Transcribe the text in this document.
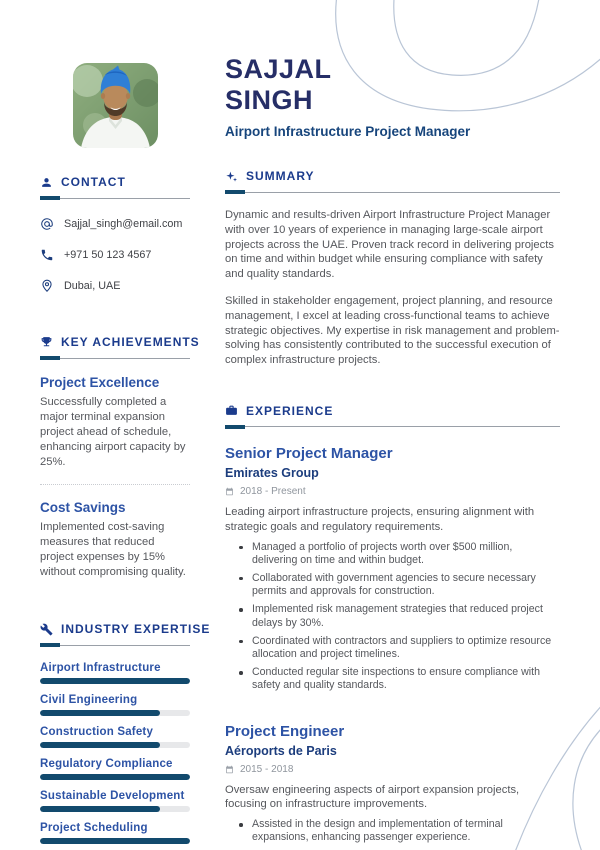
CONTACT
Sajjal_singh@email.com
+971 50 123 4567
Dubai, UAE
KEY ACHIEVEMENTS
Project Excellence

Successfully completed a major terminal expansion project ahead of schedule, enhancing airport capacity by 25%.

Cost Savings

Implemented cost-saving measures that reduced project expenses by 15% without compromising quality.

INDUSTRY EXPERTISE
Airport Infrastructure
Civil Engineering
Construction Safety
Regulatory Compliance
Sustainable Development
Project Scheduling
SAJJAL
SINGH
Airport Infrastructure Project Manager
SUMMARY

Dynamic and results-driven Airport Infrastructure Project Manager with over 10 years of experience in managing large-scale airport projects across the UAE. Proven track record in delivering projects on time and within budget while ensuring compliance with safety and quality standards.

Skilled in stakeholder engagement, project planning, and resource management, I excel at leading cross-functional teams to achieve strategic objectives. My expertise in risk management and problem-solving has consistently contributed to the successful execution of complex infrastructure projects.

EXPERIENCE
Senior Project Manager
Emirates Group
2018 - Present

Leading airport infrastructure projects, ensuring alignment with strategic goals and regulatory requirements.

Managed a portfolio of projects worth over $500 million, delivering on time and within budget.
Collaborated with government agencies to secure necessary permits and approvals for construction.
Implemented risk management strategies that reduced project delays by 30%.
Coordinated with contractors and suppliers to optimize resource allocation and project timelines.
Conducted regular site inspections to ensure compliance with safety and quality standards.
Project Engineer
Aéroports de Paris
2015 - 2018

Oversaw engineering aspects of airport expansion projects, focusing on infrastructure improvements.

Assisted in the design and implementation of terminal expansions, enhancing passenger experience.
